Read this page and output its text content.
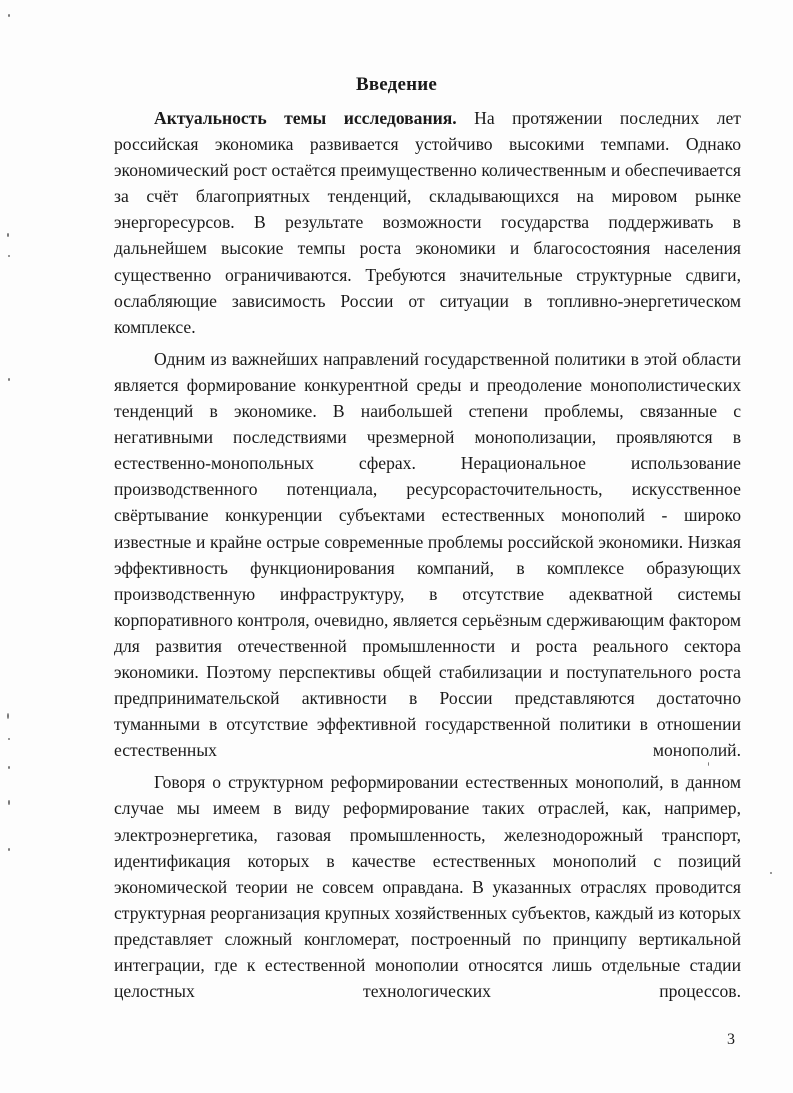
Введение

Актуальность темы исследования. На протяжении последних лет российская экономика развивается устойчиво высокими темпами. Однако экономический рост остаётся преимущественно количественным и обеспечивается за счёт благоприятных тенденций, складывающихся на мировом рынке энергоресурсов. В результате возможности государства поддерживать в дальнейшем высокие темпы роста экономики и благосостояния населения существенно ограничиваются. Требуются значительные структурные сдвиги, ослабляющие зависимость России от ситуации в топливно-энергетическом комплексе.

Одним из важнейших направлений государственной политики в этой области является формирование конкурентной среды и преодоление монополистических тенденций в экономике. В наибольшей степени проблемы, связанные с негативными последствиями чрезмерной монополизации, проявляются в естественно-монопольных сферах. Нерациональное использование производственного потенциала, ресурсорасточительность, искусственное свёртывание конкуренции субъектами естественных монополий - широко известные и крайне острые современные проблемы российской экономики. Низкая эффективность функционирования компаний, в комплексе образующих производственную инфраструктуру, в отсутствие адекватной системы корпоративного контроля, очевидно, является серьёзным сдерживающим фактором для развития отечественной промышленности и роста реального сектора экономики. Поэтому перспективы общей стабилизации и поступательного роста предпринимательской активности в России представляются достаточно туманными в отсутствие эффективной государственной политики в отношении естественных монополий.

Говоря о структурном реформировании естественных монополий, в данном случае мы имеем в виду реформирование таких отраслей, как, например, электроэнергетика, газовая промышленность, железнодорожный транспорт, идентификация которых в качестве естественных монополий с позиций экономической теории не совсем оправдана. В указанных отраслях проводится структурная реорганизация крупных хозяйственных субъектов, каждый из которых представляет сложный конгломерат, построенный по принципу вертикальной интеграции, где к естественной монополии относятся лишь отдельные стадии целостных технологических процессов.

3
